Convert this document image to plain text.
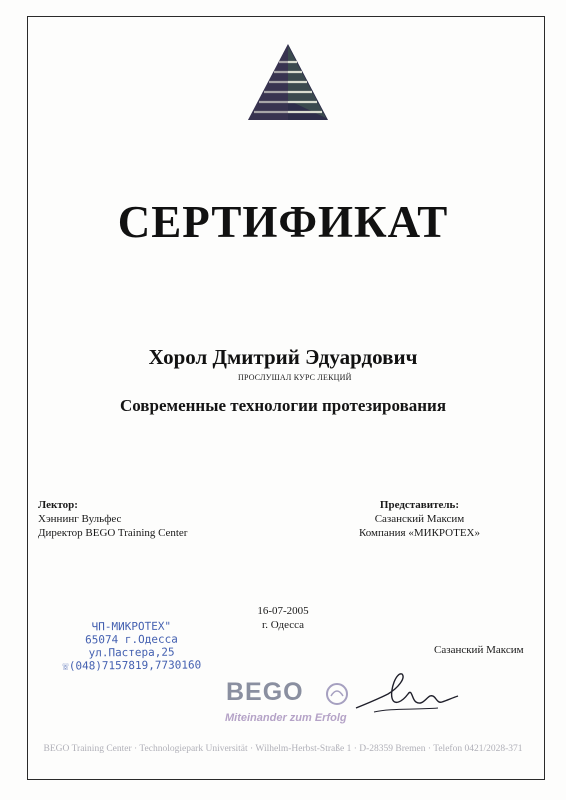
СЕРТИФИКАТ
Хорол Дмитрий Эдуардович
ПРОСЛУШАЛ КУРС ЛЕКЦИЙ
Современные технологии протезирования
Лектор:
Хэннинг Вульфес
Директор BEGO Training Center
Представитель:
Сазанский Максим
Компания «МИКРОТЕХ»
16-07-2005
г. Одесса
Сазанский Максим
ЧП-МИКРОТЕХ"
65074 г.Одесса
ул.Пастера,25
☏(048)7157819,7730160
BEGO
Miteinander zum Erfolg
BEGO Training Center · Technologiepark Universität · Wilhelm-Herbst-Straße 1 · D-28359 Bremen · Telefon 0421/2028-371
